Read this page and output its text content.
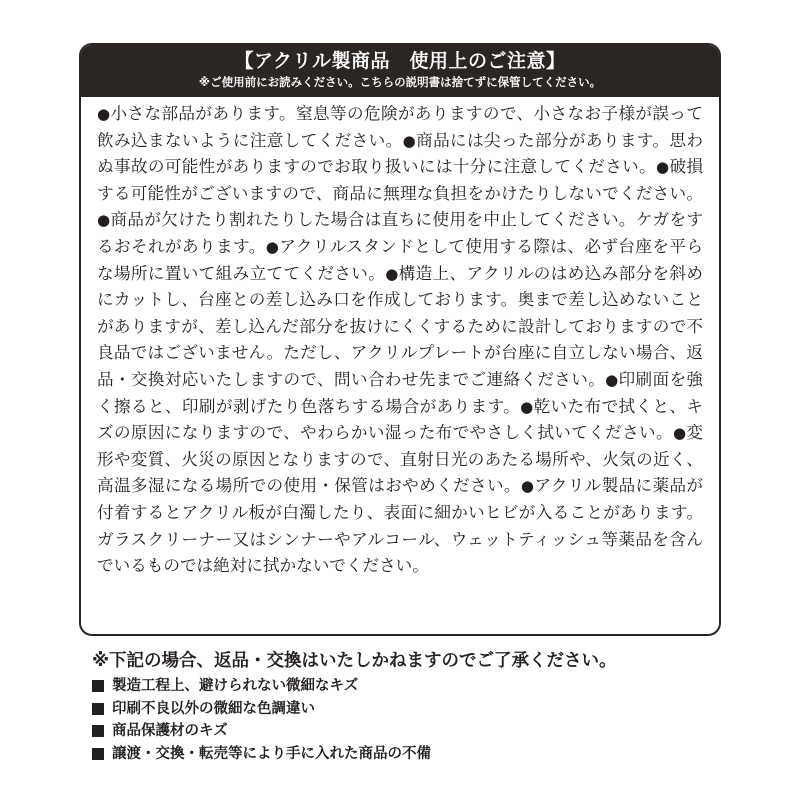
【アクリル製商品　使用上のご注意】
※ご使用前にお読みください。こちらの説明書は捨てずに保管してください。
●小さな部品があります。窒息等の危険がありますので、小さなお子様が誤って飲み込まないように注意してください。●商品には尖った部分があります。思わぬ事故の可能性がありますのでお取り扱いには十分に注意してください。●破損する可能性がございますので、商品に無理な負担をかけたりしないでください。●商品が欠けたり割れたりした場合は直ちに使用を中止してください。ケガをするおそれがあります。●アクリルスタンドとして使用する際は、必ず台座を平らな場所に置いて組み立ててください。●構造上、アクリルのはめ込み部分を斜めにカットし、台座との差し込み口を作成しております。奥まで差し込めないことがありますが、差し込んだ部分を抜けにくくするために設計しておりますので不良品ではございません。ただし、アクリルプレートが台座に自立しない場合、返品・交換対応いたしますので、問い合わせ先までご連絡ください。●印刷面を強く擦ると、印刷が剥げたり色落ちする場合があります。●乾いた布で拭くと、キズの原因になりますので、やわらかい湿った布でやさしく拭いてください。●変形や変質、火災の原因となりますので、直射日光のあたる場所や、火気の近く、高温多湿になる場所での使用・保管はおやめください。●アクリル製品に薬品が付着するとアクリル板が白濁したり、表面に細かいヒビが入ることがあります。ガラスクリーナー又はシンナーやアルコール、ウェットティッシュ等薬品を含んでいるものでは絶対に拭かないでください。
※下記の場合、返品・交換はいたしかねますのでご了承ください。
製造工程上、避けられない微細なキズ
印刷不良以外の微細な色調違い
商品保護材のキズ
譲渡・交換・転売等により手に入れた商品の不備
